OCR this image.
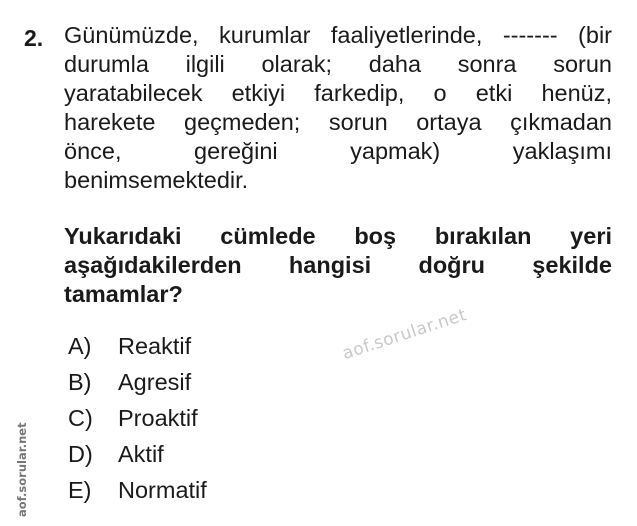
2. Günümüzde, kurumlar faaliyetlerinde, ------- (bir
durumla ilgili olarak; daha sonra sorun
yaratabilecek etkiyi farkedip, o etki henüz,
harekete geçmeden; sorun ortaya çıkmadan
önce, gereğini yapmak) yaklaşımı
benimsemektedir.
Yukarıdaki cümlede boş bırakılan yeri
aşağıdakilerden hangisi doğru şekilde
tamamlar?
A)	Reaktif
B)	Agresif
C)	Proaktif
D)	Aktif
E)	Normatif
aof.sorular.net
aof.sorular.net
